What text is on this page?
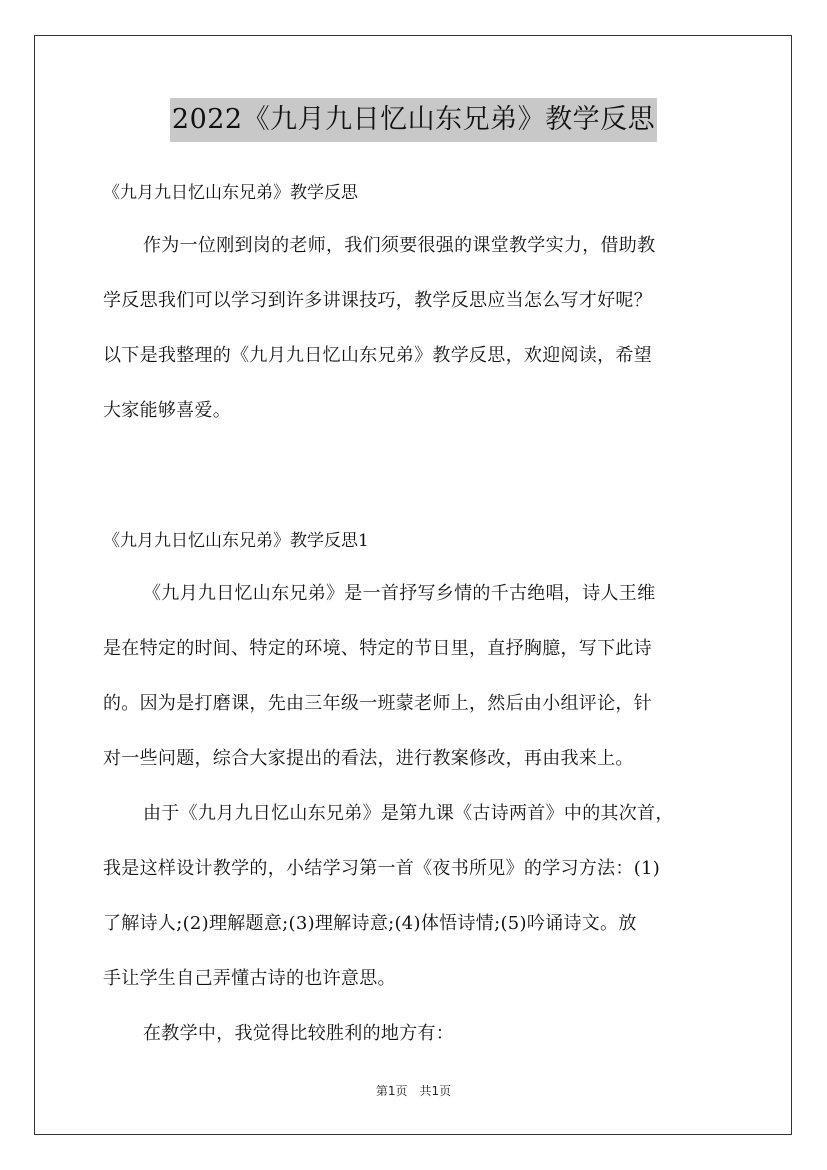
2022《九月九日忆山东兄弟》教学反思

《九月九日忆山东兄弟》教学反思

作为一位刚到岗的老师，我们须要很强的课堂教学实力，借助教

学反思我们可以学习到许多讲课技巧，教学反思应当怎么写才好呢？

以下是我整理的《九月九日忆山东兄弟》教学反思，欢迎阅读，希望

大家能够喜爱。

《九月九日忆山东兄弟》教学反思1

《九月九日忆山东兄弟》是一首抒写乡情的千古绝唱，诗人王维

是在特定的时间、特定的环境、特定的节日里，直抒胸臆，写下此诗

的。因为是打磨课，先由三年级一班蒙老师上，然后由小组评论，针

对一些问题，综合大家提出的看法，进行教案修改，再由我来上。

由于《九月九日忆山东兄弟》是第九课《古诗两首》中的其次首，

我是这样设计教学的，小结学习第一首《夜书所见》的学习方法：(1)

了解诗人;(2)理解题意;(3)理解诗意;(4)体悟诗情;(5)吟诵诗文。放

手让学生自己弄懂古诗的也许意思。

在教学中，我觉得比较胜利的地方有：

第1页　共1页
